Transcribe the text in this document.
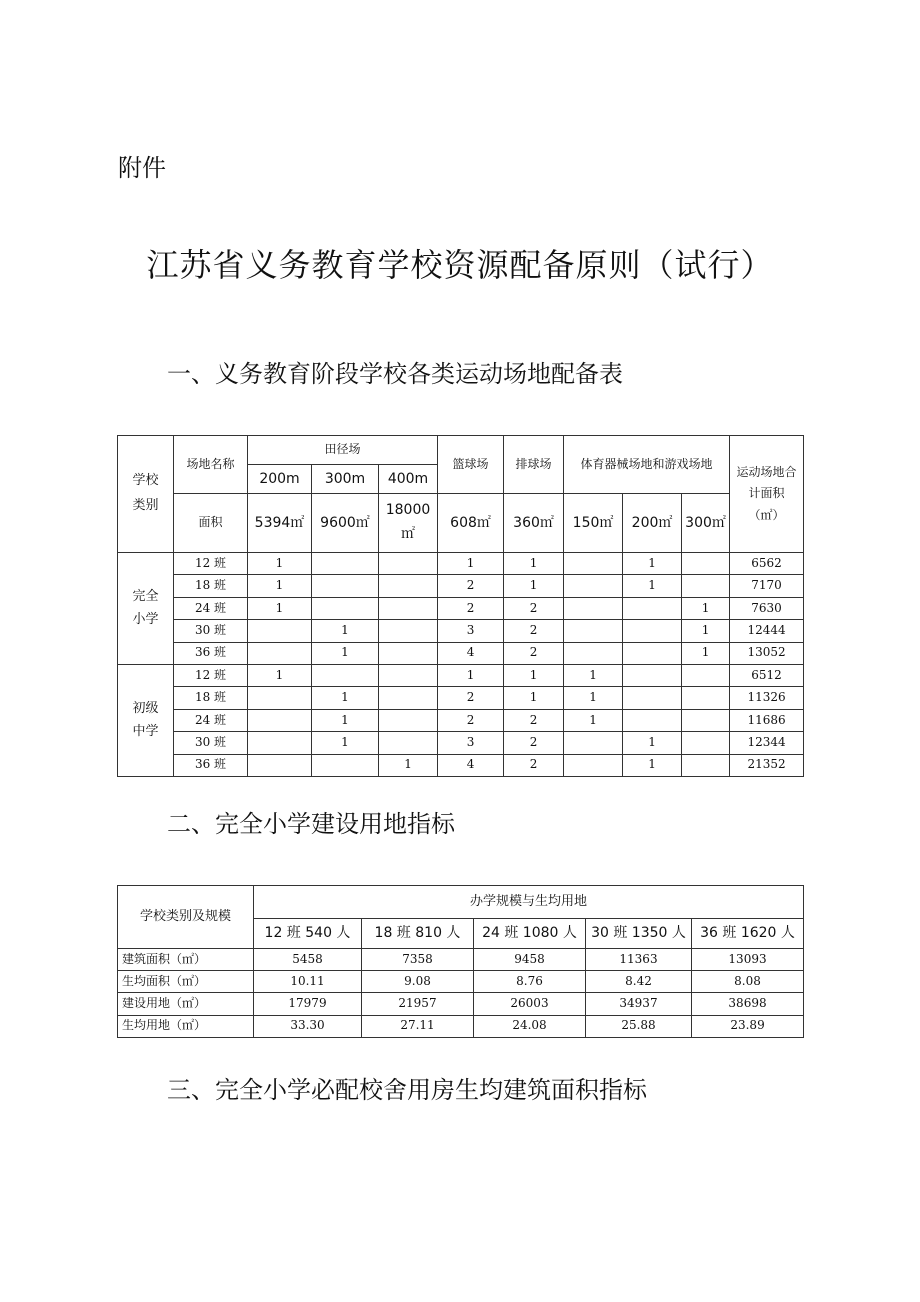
附件
江苏省义务教育学校资源配备原则（试行）
一、义务教育阶段学校各类运动场地配备表
学校类别	场地名称	田径场			篮球场	排球场	体育器械场地和游戏场地			运动场地合计面积（㎡）
		200m	300m	400m						
	面积	5394㎡	9600㎡	18000㎡	608㎡	360㎡	150㎡	200㎡	300㎡	
完全小学	12 班	1			1	1		1		6562
	18 班	1			2	1		1		7170
	24 班	1			2	2			1	7630
	30 班		1		3	2			1	12444
	36 班		1		4	2			1	13052
初级中学	12 班	1			1	1	1			6512
	18 班		1		2	1	1			11326
	24 班		1		2	2	1			11686
	30 班		1		3	2		1		12344
	36 班			1	4	2		1		21352
二、完全小学建设用地指标
学校类别及规模	办学规模与生均用地				
	12 班 540 人	18 班 810 人	24 班 1080 人	30 班 1350 人	36 班 1620 人
建筑面积（㎡）	5458	7358	9458	11363	13093
生均面积（㎡）	10.11	9.08	8.76	8.42	8.08
建设用地（㎡）	17979	21957	26003	34937	38698
生均用地（㎡）	33.30	27.11	24.08	25.88	23.89
三、完全小学必配校舍用房生均建筑面积指标
